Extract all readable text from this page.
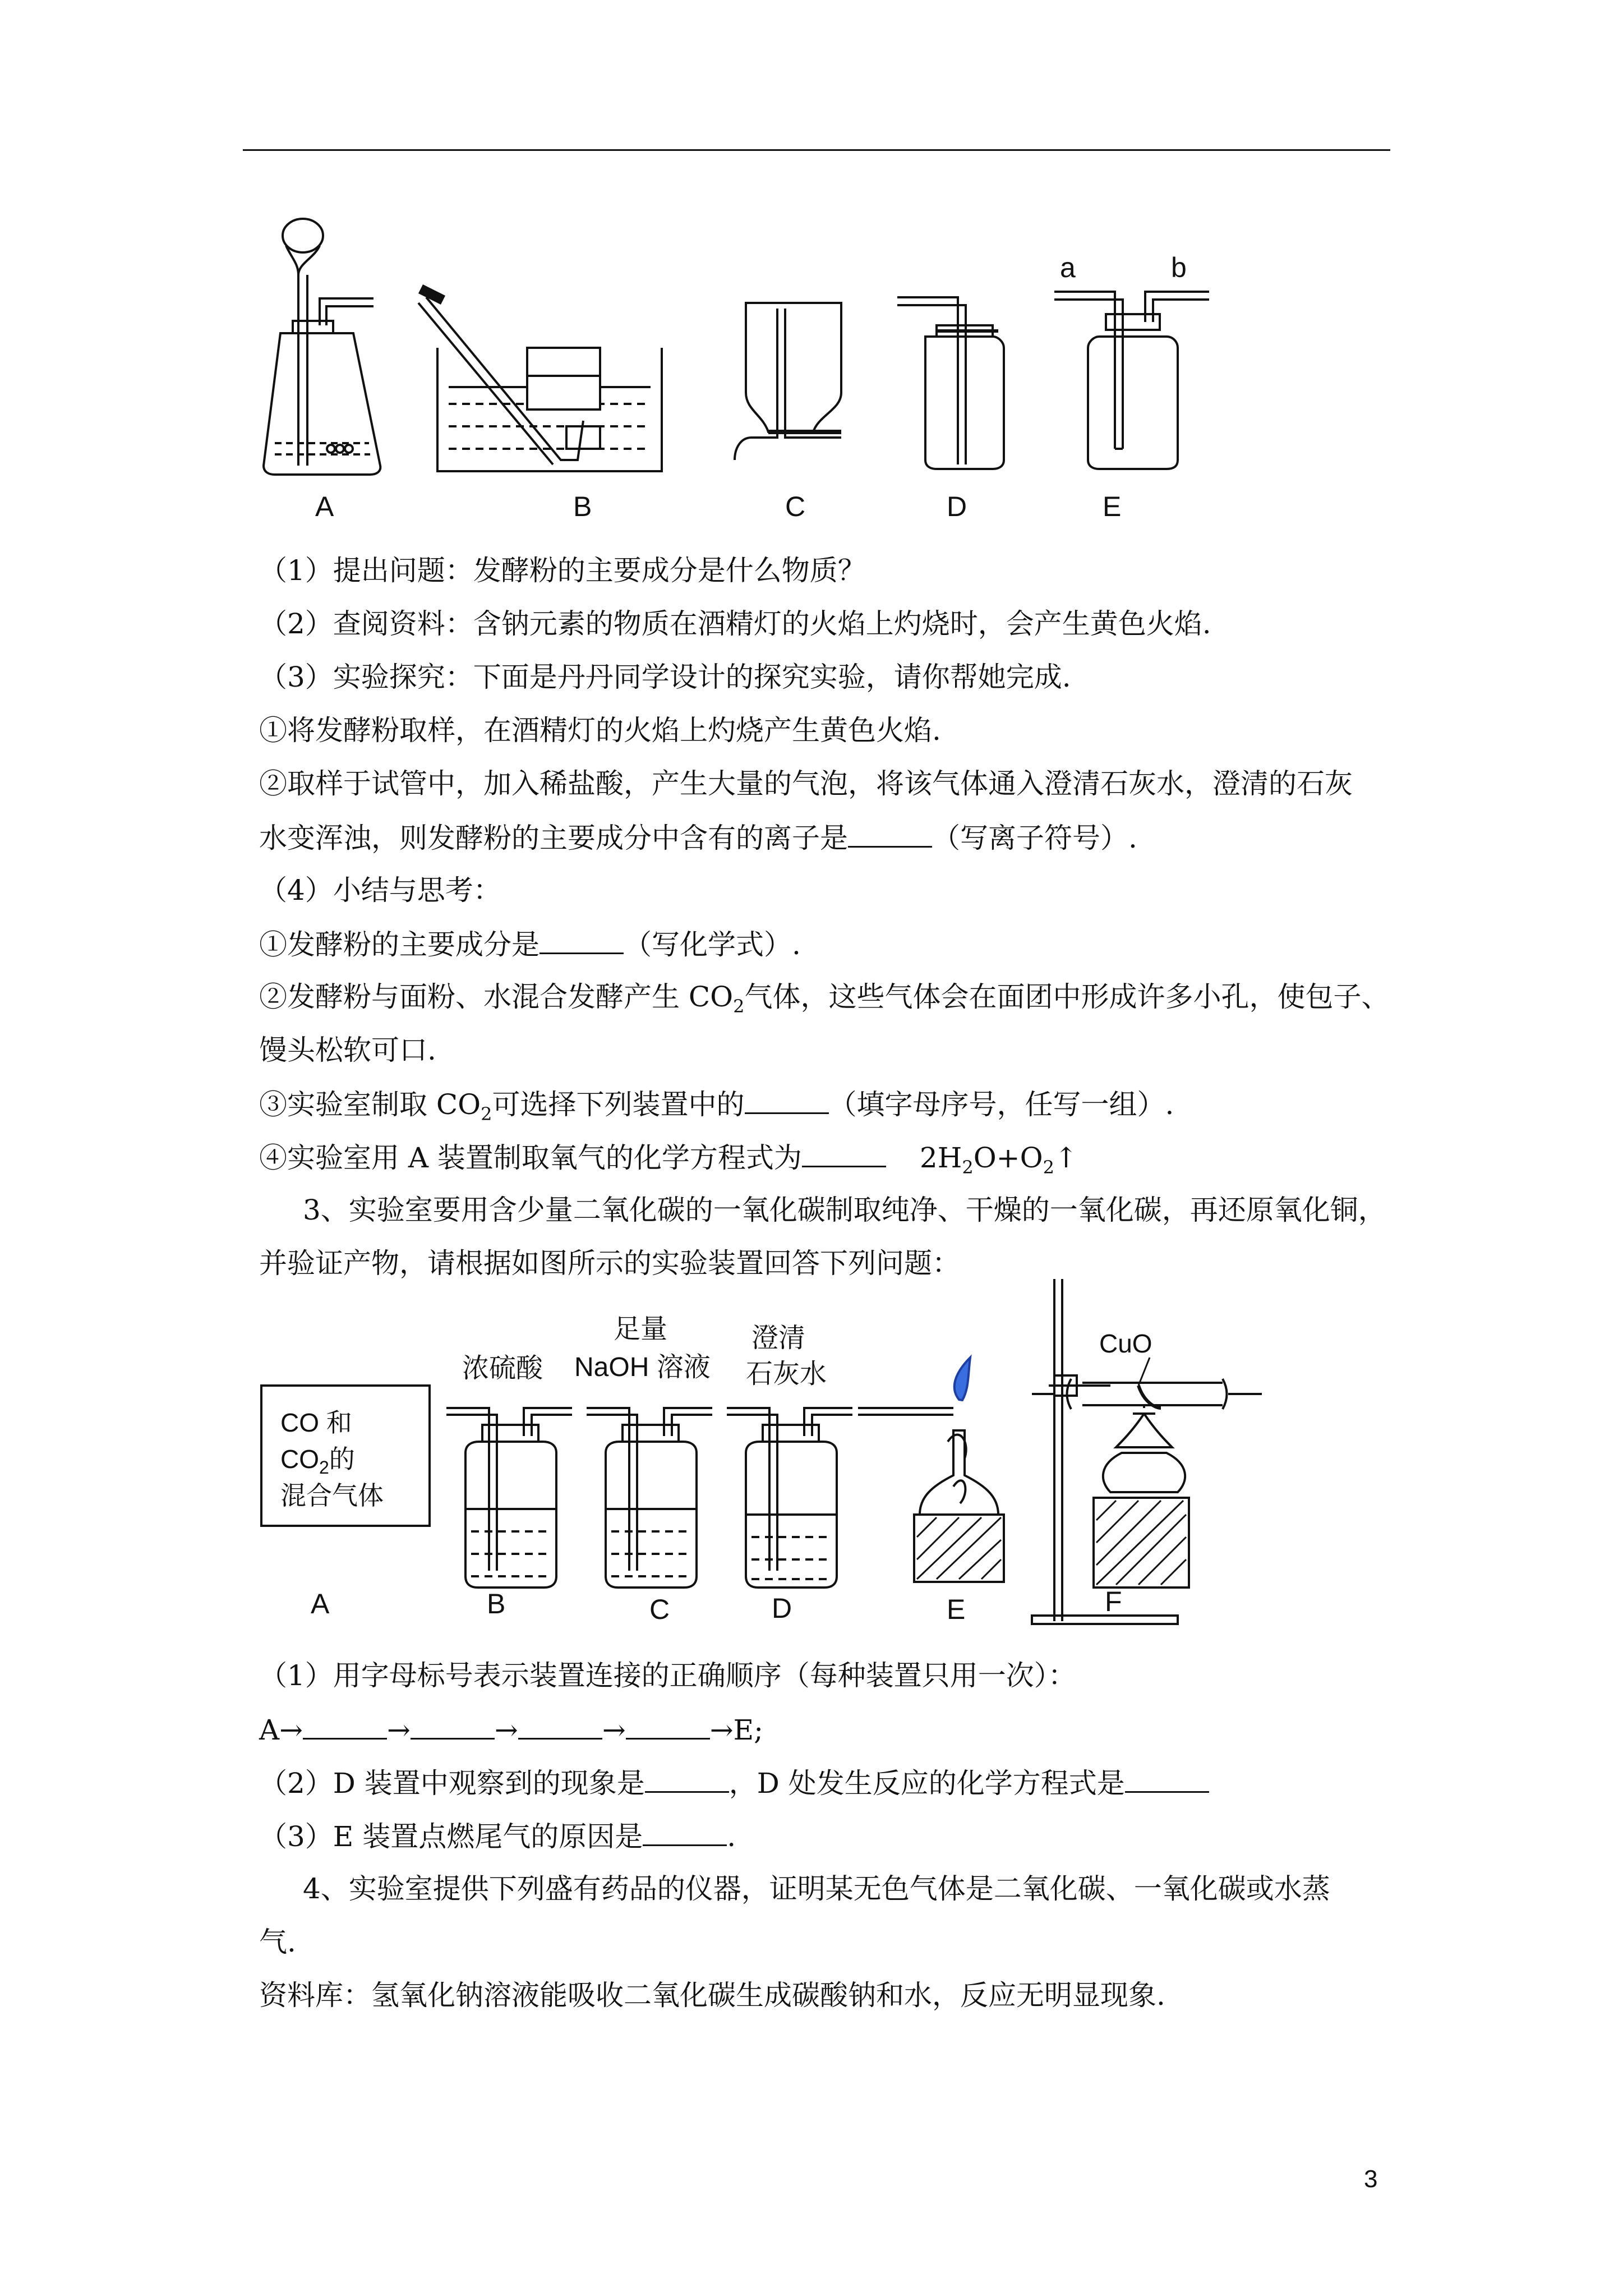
a	b
A	B	C	D	E
（1）提出问题：发酵粉的主要成分是什么物质？
（2）查阅资料：含钠元素的物质在酒精灯的火焰上灼烧时，会产生黄色火焰.
（3）实验探究：下面是丹丹同学设计的探究实验，请你帮她完成.
①将发酵粉取样，在酒精灯的火焰上灼烧产生黄色火焰.
②取样于试管中，加入稀盐酸，产生大量的气泡，将该气体通入澄清石灰水，澄清的石灰
水变浑浊，则发酵粉的主要成分中含有的离子是	（写离子符号）.
（4）小结与思考：
①发酵粉的主要成分是	（写化学式）.
②发酵粉与面粉、水混合发酵产生 $CO_2$气体，这些气体会在面团中形成许多小孔，使包子、
馒头松软可口.
③实验室制取 $CO_2$可选择下列装置中的	（填字母序号，任写一组）.
④实验室用 A 装置制取氧气的化学方程式为	$2H_2O+O_2↑$
3、实验室要用含少量二氧化碳的一氧化碳制取纯净、干燥的一氧化碳，再还原氧化铜，
并验证产物，请根据如图所示的实验装置回答下列问题：
CO 和
$CO_2$的
混合气体
浓硫酸
足量
NaOH 溶液
澄清
石灰水
CuO
A	B	C	D	E	F
（1）用字母标号表示装置连接的正确顺序（每种装置只用一次）：
A→	→	→	→	→E;
（2）D 装置中观察到的现象是	，D 处发生反应的化学方程式是
（3）E 装置点燃尾气的原因是	.
4、实验室提供下列盛有药品的仪器，证明某无色气体是二氧化碳、一氧化碳或水蒸
气.
资料库：氢氧化钠溶液能吸收二氧化碳生成碳酸钠和水，反应无明显现象.
3
